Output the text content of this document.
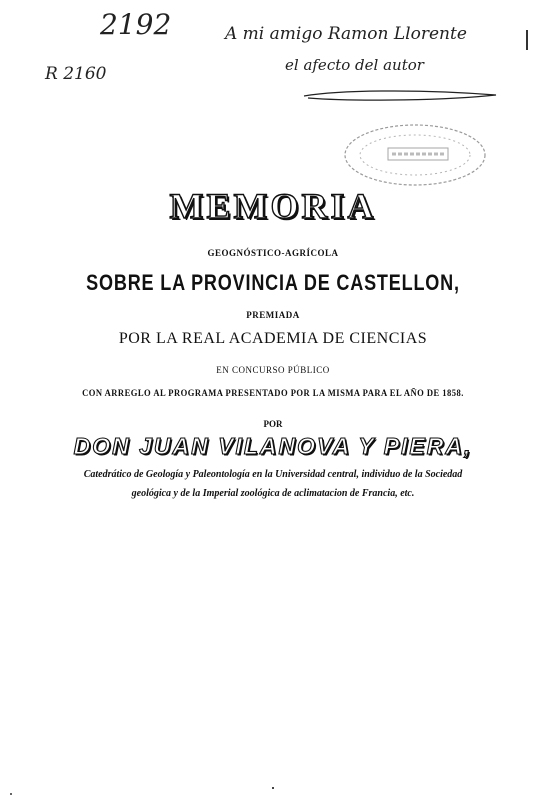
2192
R 2160
A mi amigo Ramon Llorente
el afecto del autor
MEMORIA
GEOGNÓSTICO-AGRÍCOLA
SOBRE LA PROVINCIA DE CASTELLON,
PREMIADA
POR LA REAL ACADEMIA DE CIENCIAS
EN CONCURSO PÚBLICO
CON ARREGLO AL PROGRAMA PRESENTADO POR LA MISMA PARA EL AÑO DE 1858.
POR
DON JUAN VILANOVA Y PIERA,
Catedrático de Geología y Paleontología en la Universidad central, individuo de la Sociedad
geológica y de la Imperial zoológica de aclimatacion de Francia, etc.
